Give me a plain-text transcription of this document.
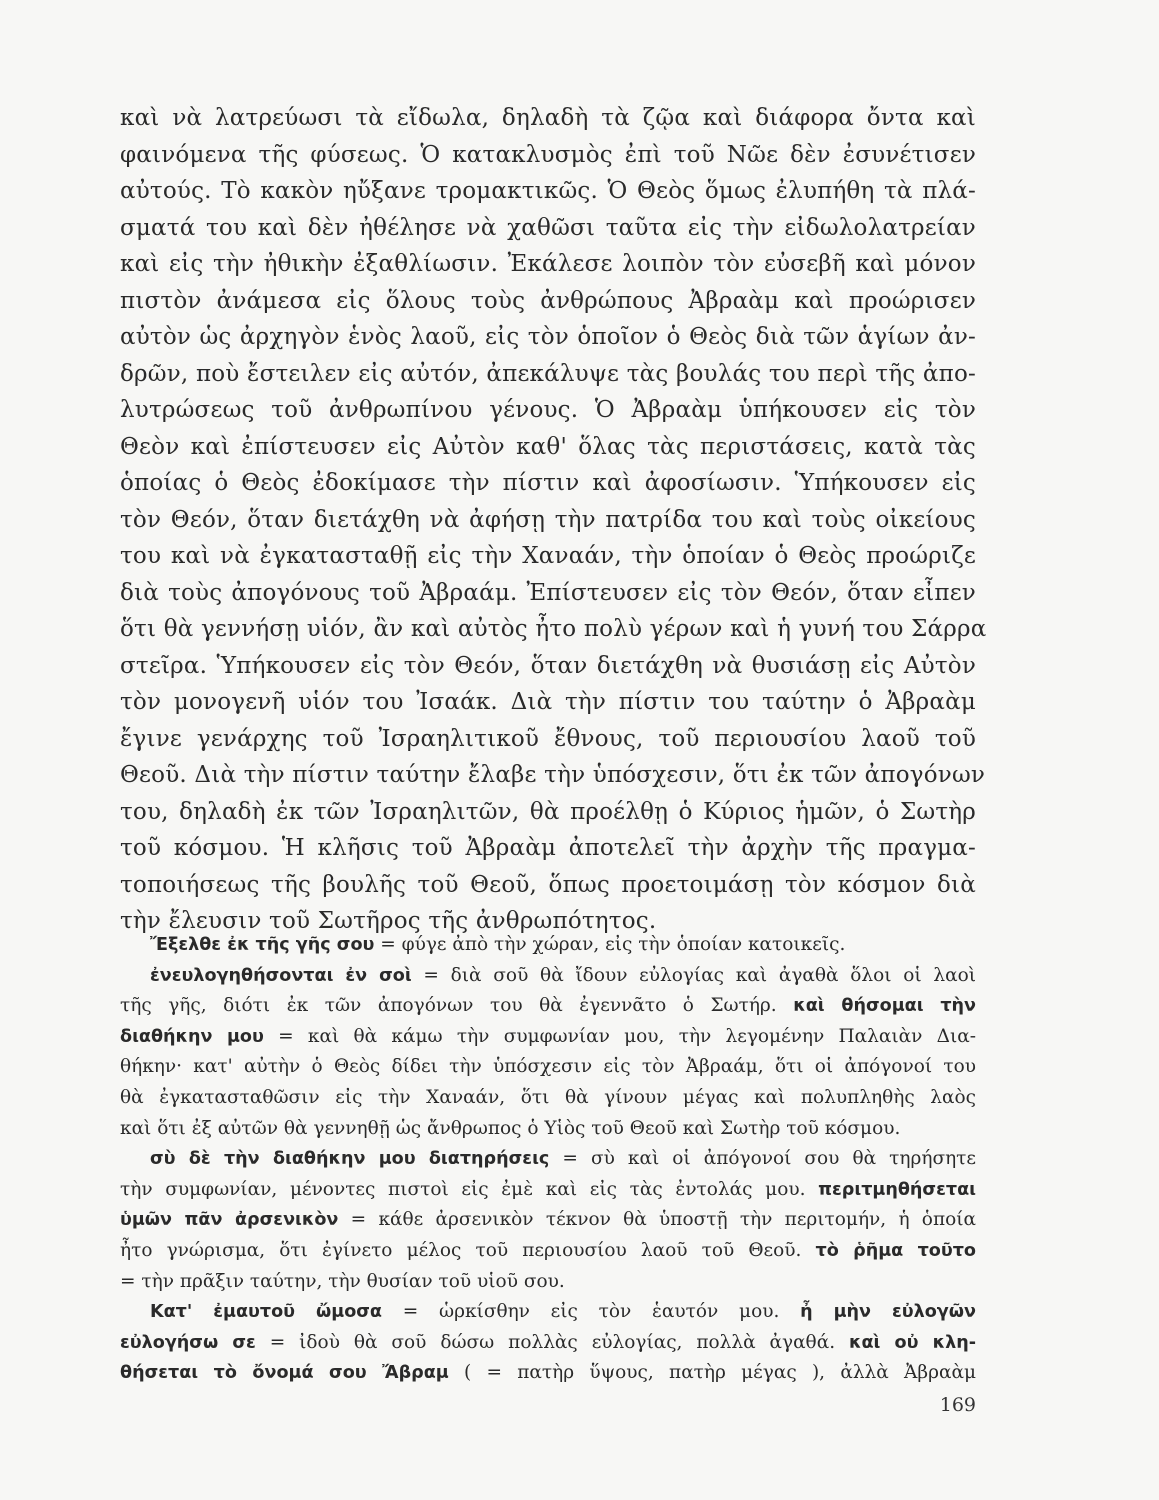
καὶ νὰ λατρεύωσι τὰ εἴδωλα, δηλαδὴ τὰ ζῷα καὶ διάφορα ὄντα καὶ
φαινόμενα τῆς φύσεως. Ὁ κατακλυσμὸς ἐπὶ τοῦ Νῶε δὲν ἐσυνέτισεν
αὐτούς. Τὸ κακὸν ηὔξανε τρομακτικῶς. Ὁ Θεὸς ὅμως ἐλυπήθη τὰ πλά-
σματά του καὶ δὲν ἠθέλησε νὰ χαθῶσι ταῦτα εἰς τὴν εἰδωλολατρείαν
καὶ εἰς τὴν ἠθικὴν ἐξαθλίωσιν. Ἐκάλεσε λοιπὸν τὸν εὐσεβῆ καὶ μόνον
πιστὸν ἀνάμεσα εἰς ὅλους τοὺς ἀνθρώπους Ἀβραὰμ καὶ προώρισεν
αὐτὸν ὡς ἀρχηγὸν ἑνὸς λαοῦ, εἰς τὸν ὁποῖον ὁ Θεὸς διὰ τῶν ἁγίων ἀν-
δρῶν, ποὺ ἔστειλεν εἰς αὐτόν, ἀπεκάλυψε τὰς βουλάς του περὶ τῆς ἀπο-
λυτρώσεως τοῦ ἀνθρωπίνου γένους. Ὁ Ἀβραὰμ ὑπήκουσεν εἰς τὸν
Θεὸν καὶ ἐπίστευσεν εἰς Αὐτὸν καθ' ὅλας τὰς περιστάσεις, κατὰ τὰς
ὁποίας ὁ Θεὸς ἐδοκίμασε τὴν πίστιν καὶ ἀφοσίωσιν. Ὑπήκουσεν εἰς
τὸν Θεόν, ὅταν διετάχθη νὰ ἀφήσῃ τὴν πατρίδα του καὶ τοὺς οἰκείους
του καὶ νὰ ἐγκατασταθῇ εἰς τὴν Χαναάν, τὴν ὁποίαν ὁ Θεὸς προώριζε
διὰ τοὺς ἀπογόνους τοῦ Ἀβραάμ. Ἐπίστευσεν εἰς τὸν Θεόν, ὅταν εἶπεν
ὅτι θὰ γεννήσῃ υἱόν, ἂν καὶ αὐτὸς ἦτο πολὺ γέρων καὶ ἡ γυνή του Σάρρα
στεῖρα. Ὑπήκουσεν εἰς τὸν Θεόν, ὅταν διετάχθη νὰ θυσιάσῃ εἰς Αὐτὸν
τὸν μονογενῆ υἱόν του Ἰσαάκ. Διὰ τὴν πίστιν του ταύτην ὁ Ἀβραὰμ
ἔγινε γενάρχης τοῦ Ἰσραηλιτικοῦ ἔθνους, τοῦ περιουσίου λαοῦ τοῦ
Θεοῦ. Διὰ τὴν πίστιν ταύτην ἔλαβε τὴν ὑπόσχεσιν, ὅτι ἐκ τῶν ἀπογόνων
του, δηλαδὴ ἐκ τῶν Ἰσραηλιτῶν, θὰ προέλθῃ ὁ Κύριος ἡμῶν, ὁ Σωτὴρ
τοῦ κόσμου. Ἡ κλῆσις τοῦ Ἀβραὰμ ἀποτελεῖ τὴν ἀρχὴν τῆς πραγμα-
τοποιήσεως τῆς βουλῆς τοῦ Θεοῦ, ὅπως προετοιμάσῃ τὸν κόσμον διὰ
τὴν ἔλευσιν τοῦ Σωτῆρος τῆς ἀνθρωπότητος.
Ἔξελθε ἐκ τῆς γῆς σου = φύγε ἀπὸ τὴν χώραν, εἰς τὴν ὁποίαν κατοικεῖς.
ἐνευλογηθήσονται ἐν σοὶ = διὰ σοῦ θὰ ἴδουν εὐλογίας καὶ ἀγαθὰ ὅλοι οἱ λαοὶ
τῆς γῆς, διότι ἐκ τῶν ἀπογόνων του θὰ ἐγεννᾶτο ὁ Σωτήρ. καὶ θήσομαι τὴν
διαθήκην μου = καὶ θὰ κάμω τὴν συμφωνίαν μου, τὴν λεγομένην Παλαιὰν Δια-
θήκην· κατ' αὐτὴν ὁ Θεὸς δίδει τὴν ὑπόσχεσιν εἰς τὸν Ἀβραάμ, ὅτι οἱ ἀπόγονοί του
θὰ ἐγκατασταθῶσιν εἰς τὴν Χαναάν, ὅτι θὰ γίνουν μέγας καὶ πολυπληθὴς λαὸς
καὶ ὅτι ἐξ αὐτῶν θὰ γεννηθῇ ὡς ἄνθρωπος ὁ Υἱὸς τοῦ Θεοῦ καὶ Σωτὴρ τοῦ κόσμου.
σὺ δὲ τὴν διαθήκην μου διατηρήσεις = σὺ καὶ οἱ ἀπόγονοί σου θὰ τηρήσητε
τὴν συμφωνίαν, μένοντες πιστοὶ εἰς ἐμὲ καὶ εἰς τὰς ἐντολάς μου. περιτμηθήσεται
ὑμῶν πᾶν ἀρσενικὸν = κάθε ἀρσενικὸν τέκνον θὰ ὑποστῇ τὴν περιτομήν, ἡ ὁποία
ἦτο γνώρισμα, ὅτι ἐγίνετο μέλος τοῦ περιουσίου λαοῦ τοῦ Θεοῦ. τὸ ῥῆμα τοῦτο
= τὴν πρᾶξιν ταύτην, τὴν θυσίαν τοῦ υἱοῦ σου.
Κατ' ἐμαυτοῦ ὤμοσα = ὡρκίσθην εἰς τὸν ἑαυτόν μου. ἦ μὴν εὐλογῶν
εὐλογήσω σε = ἰδοὺ θὰ σοῦ δώσω πολλὰς εὐλογίας, πολλὰ ἀγαθά. καὶ οὐ κλη-
θήσεται τὸ ὄνομά σου Ἄβραμ ( = πατὴρ ὕψους, πατὴρ μέγας ), ἀλλὰ Ἀβραὰμ
169
